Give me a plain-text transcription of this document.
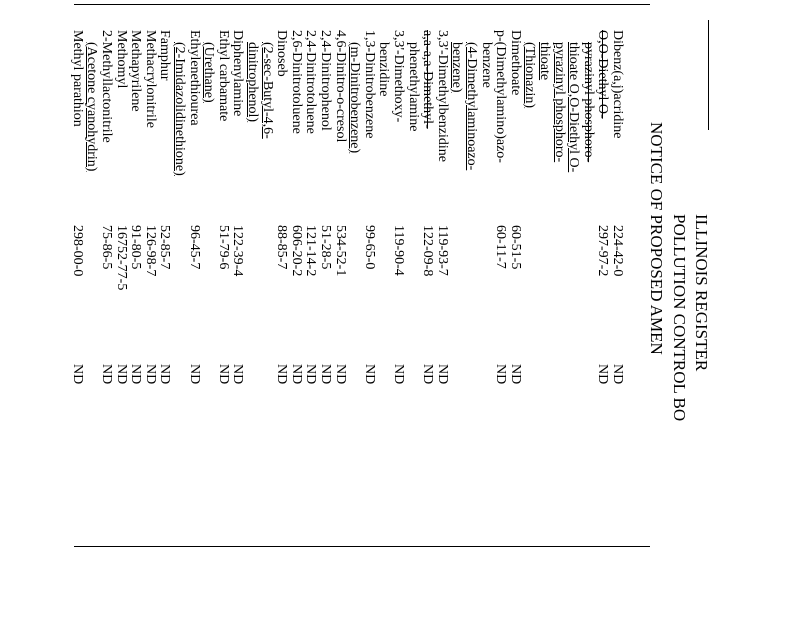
ILLINOIS REGISTER
POLLUTION CONTROL BO
NOTICE OF PROPOSED AMEN
Dibenz(a,j)acridine
224-42-0
ND
O,O-Diethyl O-
297-97-2
ND
pyrazinyl phosphoro-
thioate O,O-Diethyl O-
pyrazinyl phosphoro-
thioate
(Thionazin)
Dimethoate
60-51-5
ND
p-(Dimethylamino)azo-
60-11-7
ND
benzene
(4-Dimethylaminoazo-
benzene)
3,3'-Dimethylbenzidine
119-93-7
ND
a,a-a,a-Dimethyl-
122-09-8
ND
phenethylamine
3,3'-Dimethoxy-
119-90-4
ND
benzidine
1,3-Dinitrobenzene
99-65-0
ND
(m-Dinitrobenzene)
4,6-Dinitro-o-cresol
534-52-1
ND
2,4-Dinitrophenol
51-28-5
ND
2,4-Dinitrotoluene
121-14-2
ND
2,6-Dinitrotoluene
606-20-2
ND
Dinoseb
88-85-7
ND
(2-sec-Butyl-4,6-
dinitrophenol)
Diphenylamine
122-39-4
ND
Ethyl carbamate
51-79-6
ND
(Urethane)
Ethylenethiourea
96-45-7
ND
(2-Imidazolidinethione)
Famphur
52-85-7
ND
Methacrylonitrile
126-98-7
ND
Methapyrilene
91-80-5
ND
Methomyl
16752-77-5
ND
2-Methyllactonitrile
75-86-5
ND
(Acetone cyanohydrin)
Methyl parathion
298-00-0
ND
